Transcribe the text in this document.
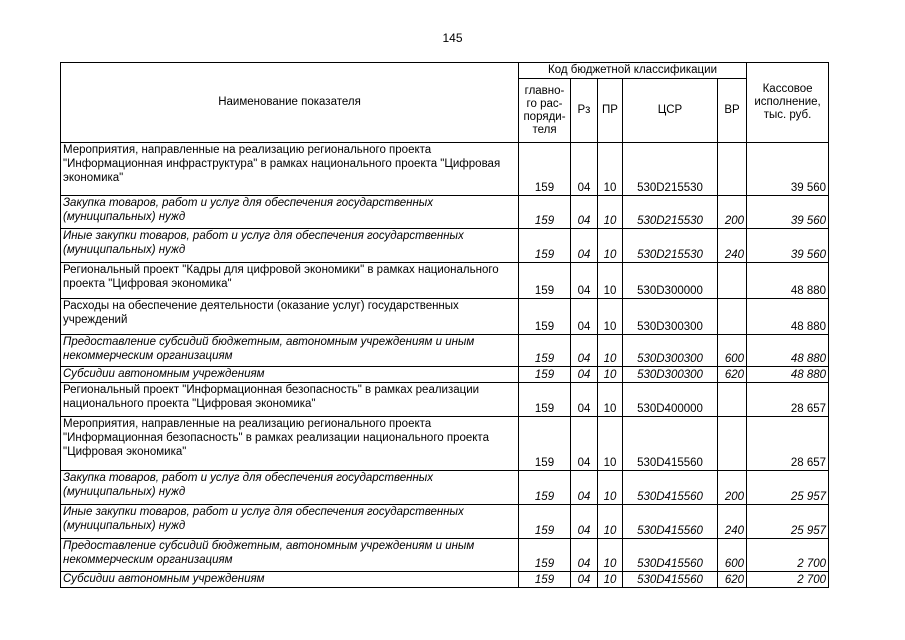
145
Наименование показателя	Код бюджетной классификации					Кассовое
исполнение,
тыс. руб.
	главно-
го рас-
поряди-
теля	Рз	ПР	ЦСР	ВР	
Мероприятия, направленные на реализацию регионального проекта "Информационная инфраструктура" в рамках национального проекта "Цифровая экономика"	159	04	10	530D215530		39 560
Закупка товаров, работ и услуг для обеспечения государственных (муниципальных) нужд	159	04	10	530D215530	200	39 560
Иные закупки товаров, работ и услуг для обеспечения государственных (муниципальных) нужд	159	04	10	530D215530	240	39 560
Региональный проект "Кадры для цифровой экономики" в рамках национального проекта "Цифровая экономика"	159	04	10	530D300000		48 880
Расходы на обеспечение деятельности (оказание услуг) государственных учреждений	159	04	10	530D300300		48 880
Предоставление субсидий бюджетным, автономным учреждениям и иным некоммерческим организациям	159	04	10	530D300300	600	48 880
Субсидии автономным учреждениям	159	04	10	530D300300	620	48 880
Региональный проект "Информационная безопасность" в рамках реализации национального проекта "Цифровая экономика"	159	04	10	530D400000		28 657
Мероприятия, направленные на реализацию регионального проекта "Информационная безопасность" в рамках реализации национального проекта "Цифровая экономика"	159	04	10	530D415560		28 657
Закупка товаров, работ и услуг для обеспечения государственных (муниципальных) нужд	159	04	10	530D415560	200	25 957
Иные закупки товаров, работ и услуг для обеспечения государственных (муниципальных) нужд	159	04	10	530D415560	240	25 957
Предоставление субсидий бюджетным, автономным учреждениям и иным некоммерческим организациям	159	04	10	530D415560	600	2 700
Субсидии автономным учреждениям	159	04	10	530D415560	620	2 700
